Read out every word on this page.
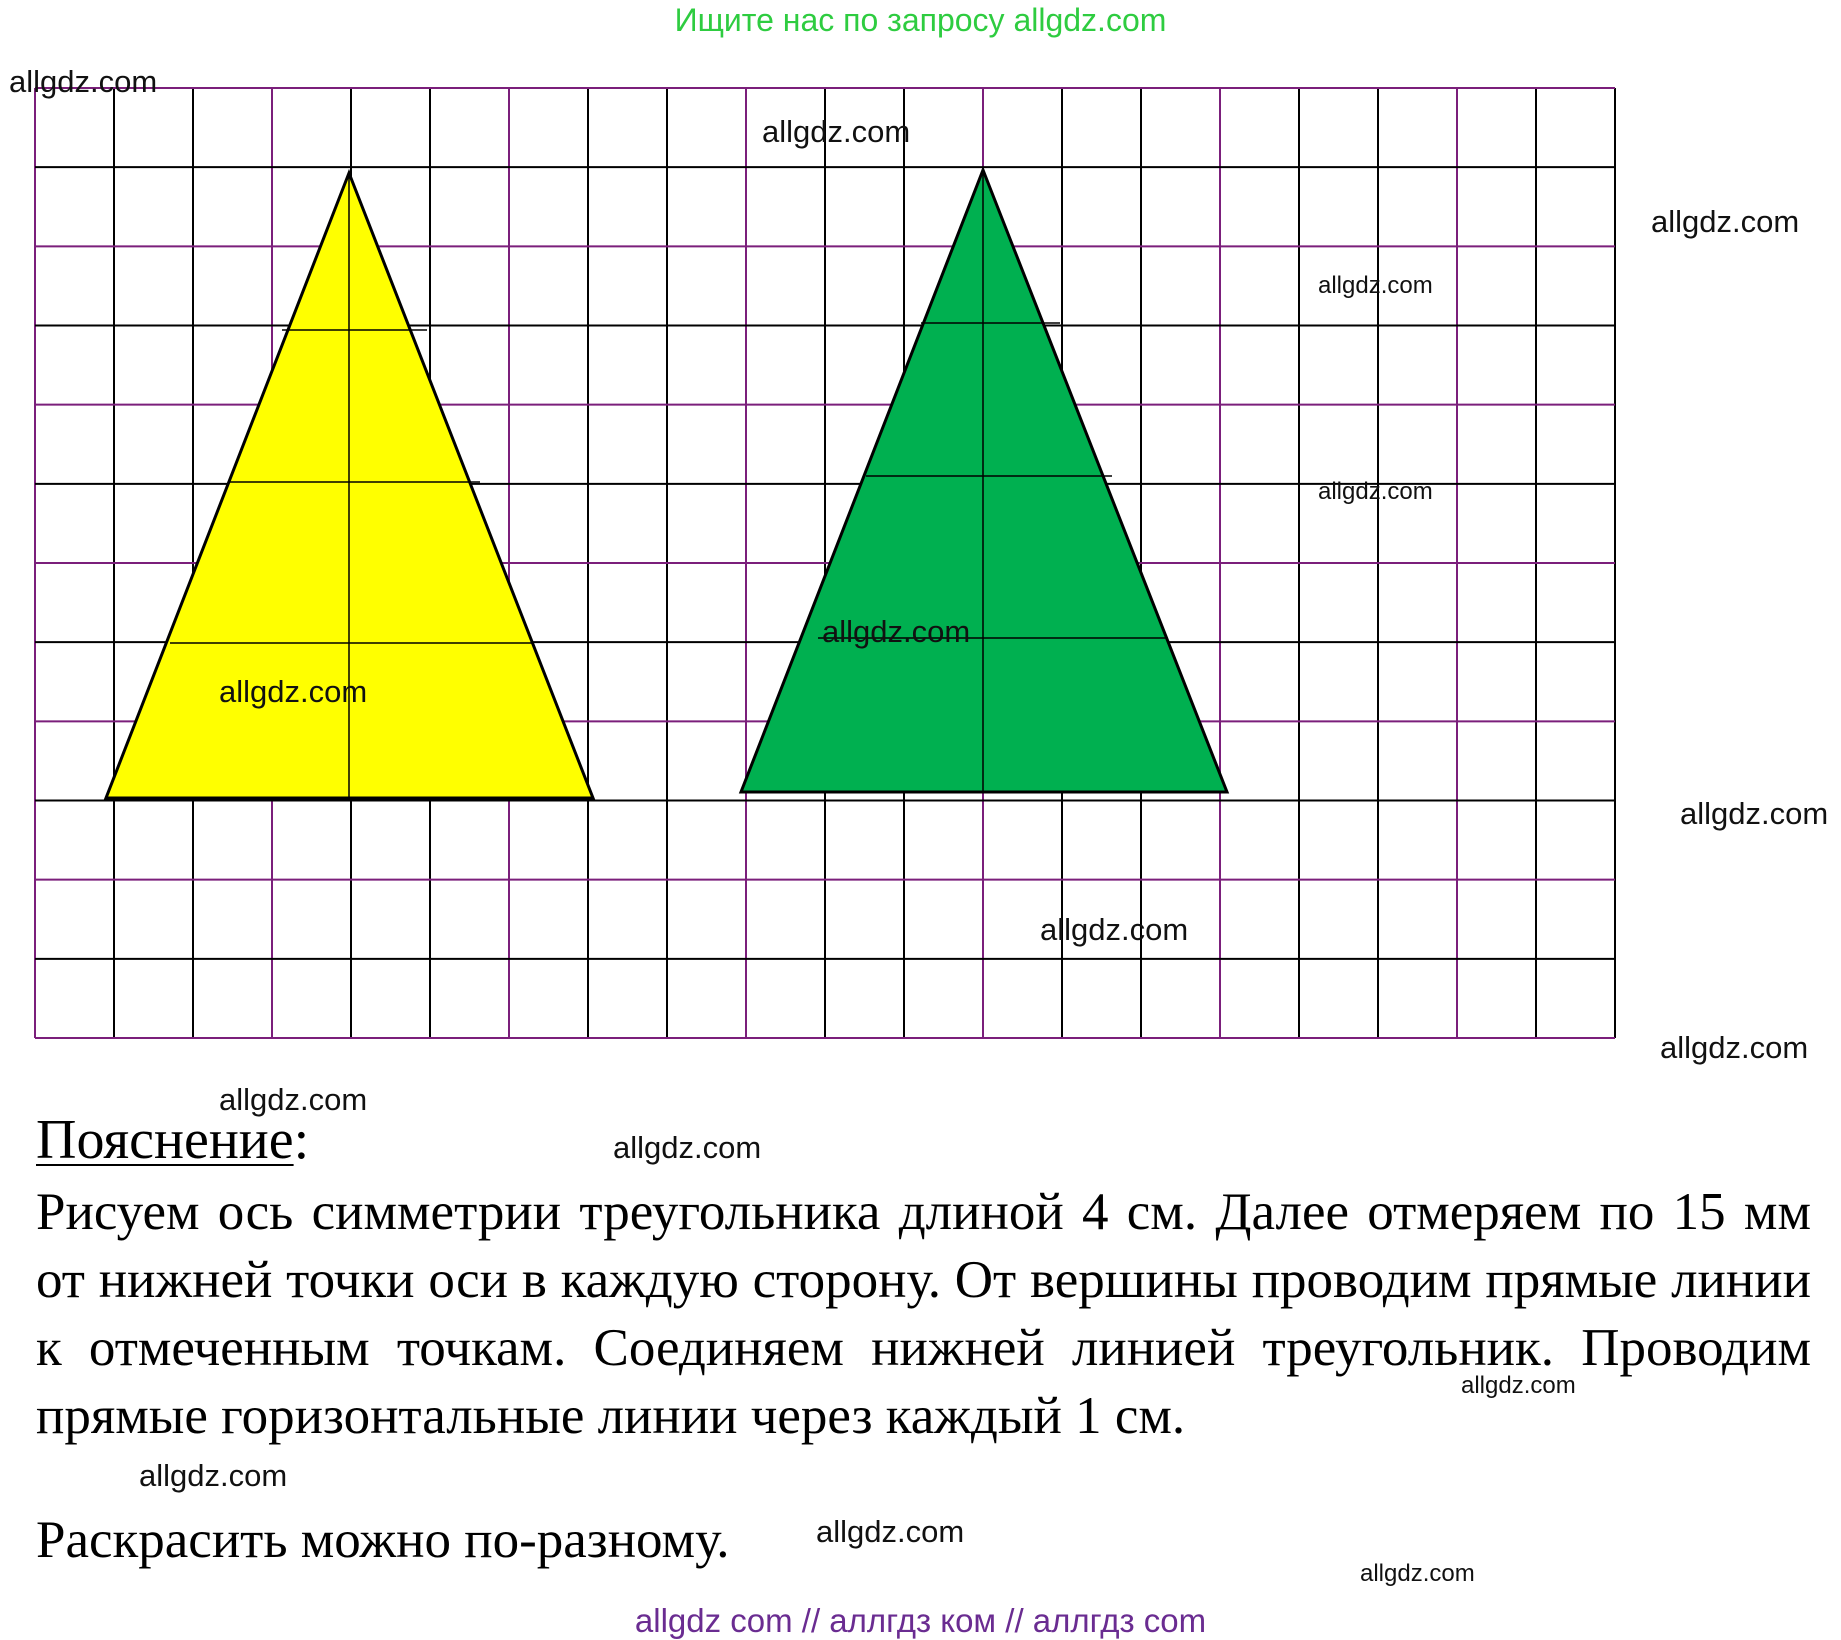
Ищите нас по запросу allgdz.com
allgdz.com
allgdz.com
allgdz.com
allgdz.com
allgdz.com
allgdz.com
allgdz.com
allgdz.com
allgdz.com
allgdz.com
allgdz.com
allgdz.com
Пояснение:
Рисуем ось симметрии треугольника длиной 4 см. Далее отмеряем по 15 мм от нижней точки оси в каждую сторону. От вершины проводим прямые линии к отмеченным точкам. Соединяем нижней линией треугольник. Проводим прямые горизонтальные линии через каждый 1 см.
Раскрасить можно по-разному.
allgdz.com
allgdz.com
allgdz.com
allgdz.com
allgdz com // аллгдз ком // аллгдз com
